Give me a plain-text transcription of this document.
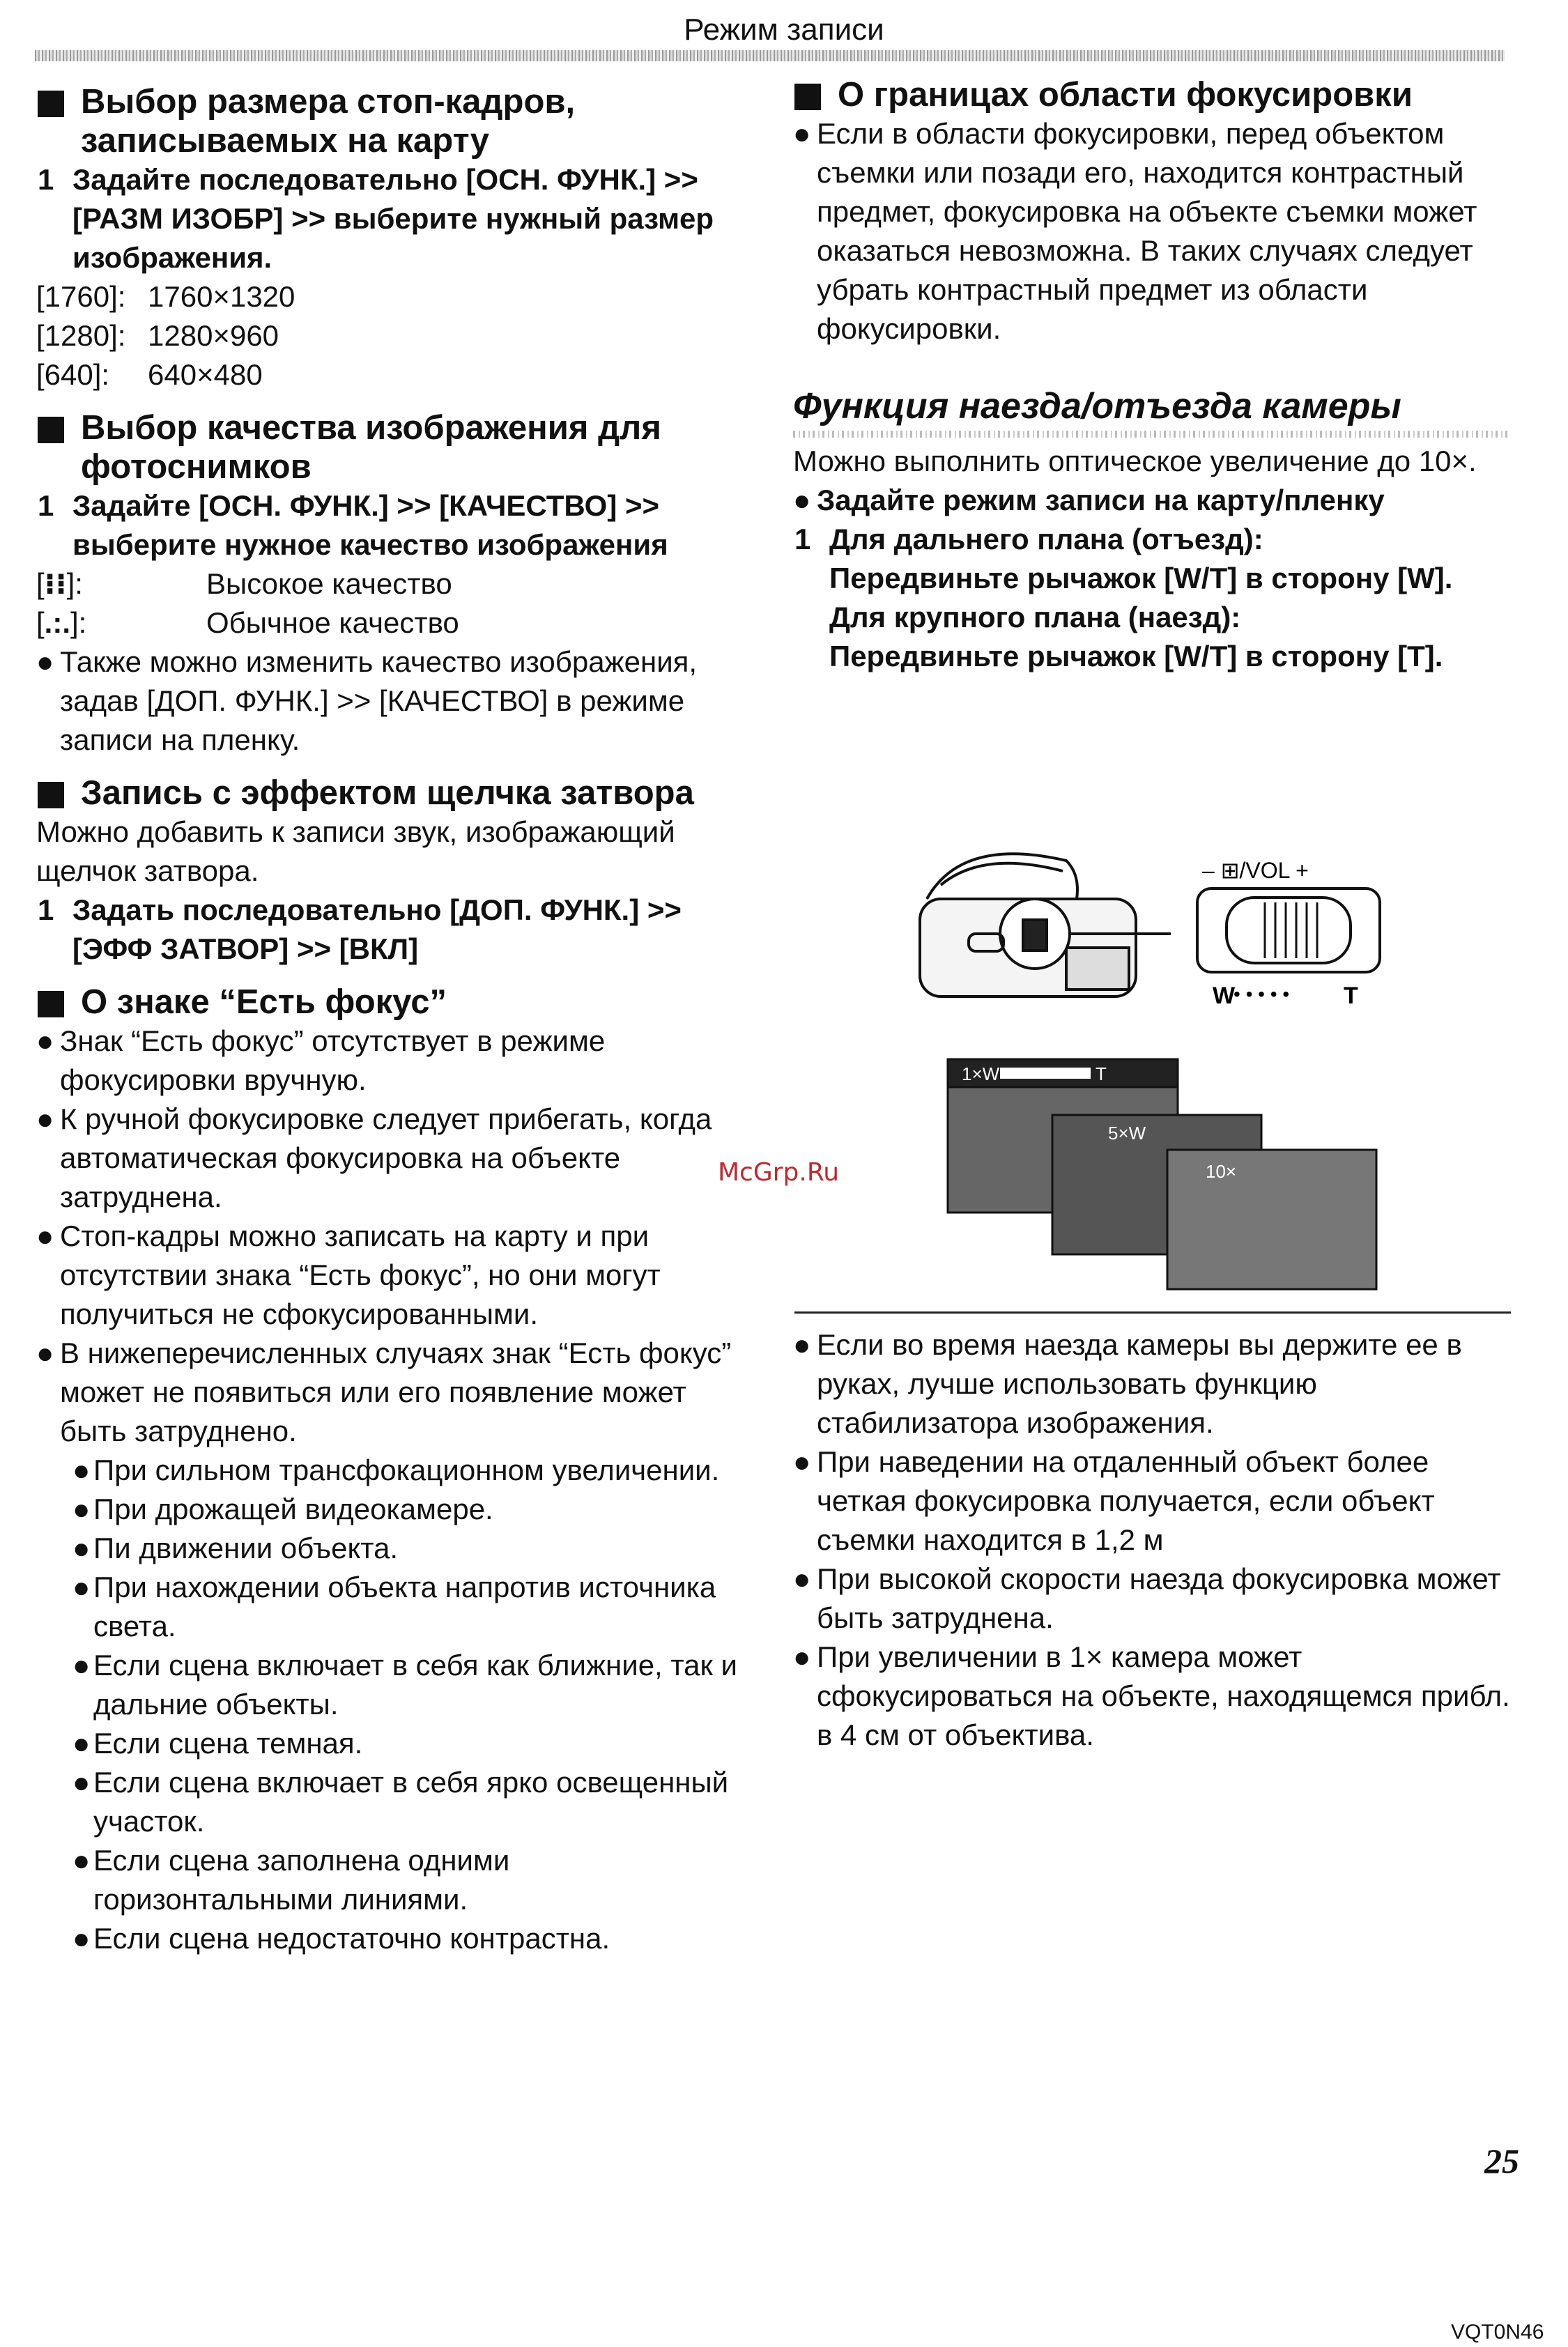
Режим записи
Выбор размера стоп-кадров, записываемых на карту
1 Задайте последовательно [ОСН. ФУНК.] >> [РАЗМ ИЗОБР] >> выберите нужный размер изображения.
[1760]: 1760×1320
[1280]: 1280×960
[640]:	640×480
Выбор качества изображения для фотоснимков
1 Задайте [ОСН. ФУНК.] >> [КАЧЕСТВО] >> выберите нужное качество изображения
[⁝⁝]:	Высокое качество
[.:.]:	Обычное качество
● Также можно изменить качество изображения, задав [ДОП. ФУНК.] >> [КАЧЕСТВО] в режиме записи на пленку.
Запись с эффектом щелчка затвора
Можно добавить к записи звук, изображающий щелчок затвора.
1 Задать последовательно [ДОП. ФУНК.] >> [ЭФФ ЗАТВОР] >> [ВКЛ]
О знаке “Есть фокус”
● Знак “Есть фокус” отсутствует в режиме фокусировки вручную.
● К ручной фокусировке следует прибегать, когда автоматическая фокусировка на объекте затруднена.
● Стоп-кадры можно записать на карту и при отсутствии знака “Есть фокус”, но они могут получиться не сфокусированными.
● В нижеперечисленных случаях знак “Есть фокус” может не появиться или его появление может быть затруднено.
● При сильном трансфокационном увеличении.
● При дрожащей видеокамере.
● Пи движении объекта.
● При нахождении объекта напротив источника света.
● Если сцена включает в себя как ближние, так и дальние объекты.
● Если сцена темная.
● Если сцена включает в себя ярко освещенный участок.
● Если сцена заполнена одними горизонтальными линиями.
● Если сцена недостаточно контрастна.
О границах области фокусировки
● Если в области фокусировки, перед объектом съемки или позади его, находится контрастный предмет, фокусировка на объекте съемки может оказаться невозможна. В таких случаях следует убрать контрастный предмет из области фокусировки.
Функция наезда/отъезда камеры
Можно выполнить оптическое увеличение до 10×.
● Задайте режим записи на карту/пленку
1 Для дальнего плана (отъезд):
Передвиньте рычажок [W/T] в сторону [W].
Для крупного плана (наезд):
Передвиньте рычажок [W/T] в сторону [T].
– ⊞/VOL +
W
• • • • • T
1×W	T
5×W
10×
McGrp.Ru
● Если во время наезда камеры вы держите ее в руках, лучше использовать функцию стабилизатора изображения.
● При наведении на отдаленный объект более четкая фокусировка получается, если объект съемки находится в 1,2 м
● При высокой скорости наезда фокусировка может быть затруднена.
● При увеличении в 1× камера может сфокусироваться на объекте, находящемся прибл. в 4 см от объектива.
25
VQT0N46
